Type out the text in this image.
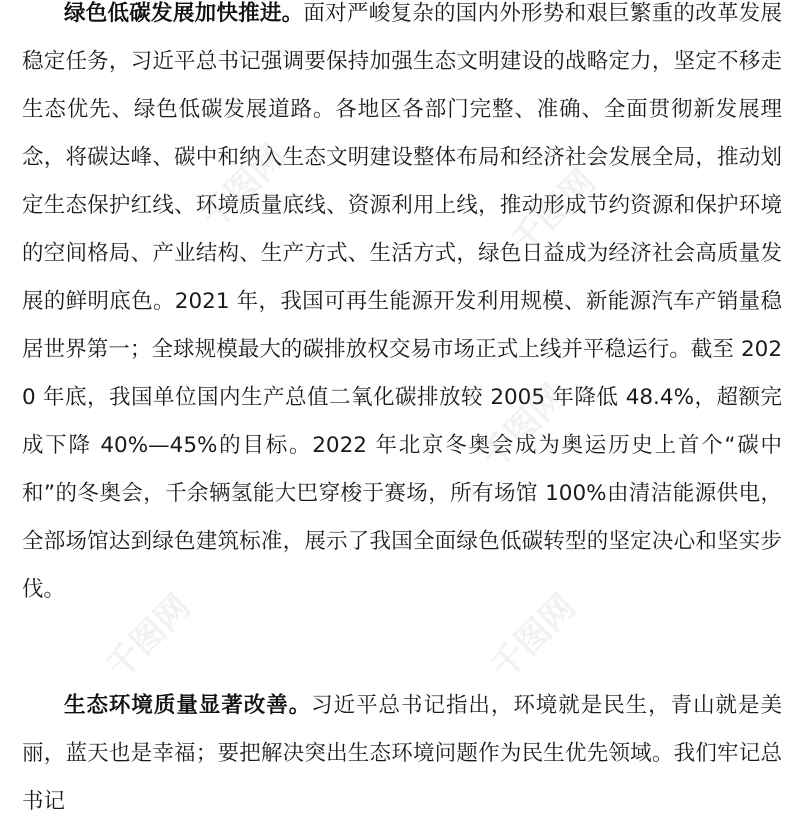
绿色低碳发展加快推进。面对严峻复杂的国内外形势和艰巨繁重的改革发展稳定任务，习近平总书记强调要保持加强生态文明建设的战略定力，坚定不移走生态优先、绿色低碳发展道路。各地区各部门完整、准确、全面贯彻新发展理念，将碳达峰、碳中和纳入生态文明建设整体布局和经济社会发展全局，推动划定生态保护红线、环境质量底线、资源利用上线，推动形成节约资源和保护环境的空间格局、产业结构、生产方式、生活方式，绿色日益成为经济社会高质量发展的鲜明底色。2021 年，我国可再生能源开发利用规模、新能源汽车产销量稳居世界第一；全球规模最大的碳排放权交易市场正式上线并平稳运行。截至 2020 年底，我国单位国内生产总值二氧化碳排放较 2005 年降低 48.4%，超额完成下降 40%—45%的目标。2022 年北京冬奥会成为奥运历史上首个“碳中和”的冬奥会，千余辆氢能大巴穿梭于赛场，所有场馆 100%由清洁能源供电，全部场馆达到绿色建筑标准，展示了我国全面绿色低碳转型的坚定决心和坚实步伐。

生态环境质量显著改善。习近平总书记指出，环境就是民生，青山就是美丽，蓝天也是幸福；要把解决突出生态环境问题作为民生优先领域。我们牢记总书记

千图网	千图网
千图网
千图网	千图网
